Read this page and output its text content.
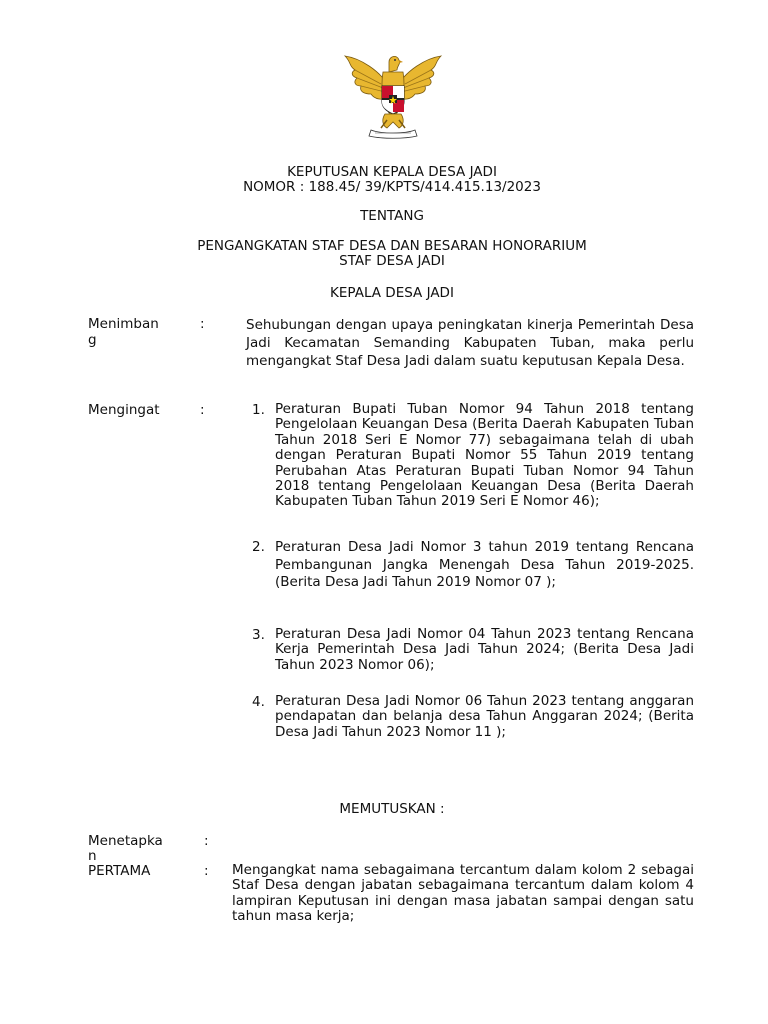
KEPUTUSAN KEPALA DESA JADI
NOMOR : 188.45/ 39/KPTS/414.415.13/2023
TENTANG
PENGANGKATAN STAF DESA DAN BESARAN HONORARIUM
STAF DESA JADI
KEPALA DESA JADI
Menimban
g
:	Sehubungan dengan upaya peningkatan kinerja Pemerintah Desa Jadi Kecamatan Semanding Kabupaten Tuban, maka perlu mengangkat Staf Desa Jadi dalam suatu keputusan Kepala Desa.
Mengingat	:	1. Peraturan Bupati Tuban Nomor 94 Tahun 2018 tentang Pengelolaan Keuangan Desa (Berita Daerah Kabupaten Tuban Tahun 2018 Seri E Nomor 77) sebagaimana telah di ubah dengan Peraturan Bupati Nomor 55 Tahun 2019 tentang Perubahan Atas Peraturan Bupati Tuban Nomor 94 Tahun 2018 tentang Pengelolaan Keuangan Desa (Berita Daerah Kabupaten Tuban Tahun 2019 Seri E Nomor 46);
2. Peraturan Desa Jadi Nomor 3 tahun 2019 tentang Rencana Pembangunan Jangka Menengah Desa Tahun 2019-2025. (Berita Desa Jadi Tahun 2019 Nomor 07 );
3. Peraturan Desa Jadi Nomor 04 Tahun 2023 tentang Rencana Kerja Pemerintah Desa Jadi Tahun 2024; (Berita Desa Jadi Tahun 2023 Nomor 06);
4. Peraturan Desa Jadi Nomor 06 Tahun 2023 tentang anggaran pendapatan dan belanja desa Tahun Anggaran 2024; (Berita Desa Jadi Tahun 2023 Nomor 11 );
MEMUTUSKAN :
Menetapka
n
:
PERTAMA	: Mengangkat nama sebagaimana tercantum dalam kolom 2 sebagai Staf Desa dengan jabatan sebagaimana tercantum dalam kolom 4 lampiran Keputusan ini dengan masa jabatan sampai dengan satu tahun masa kerja;
